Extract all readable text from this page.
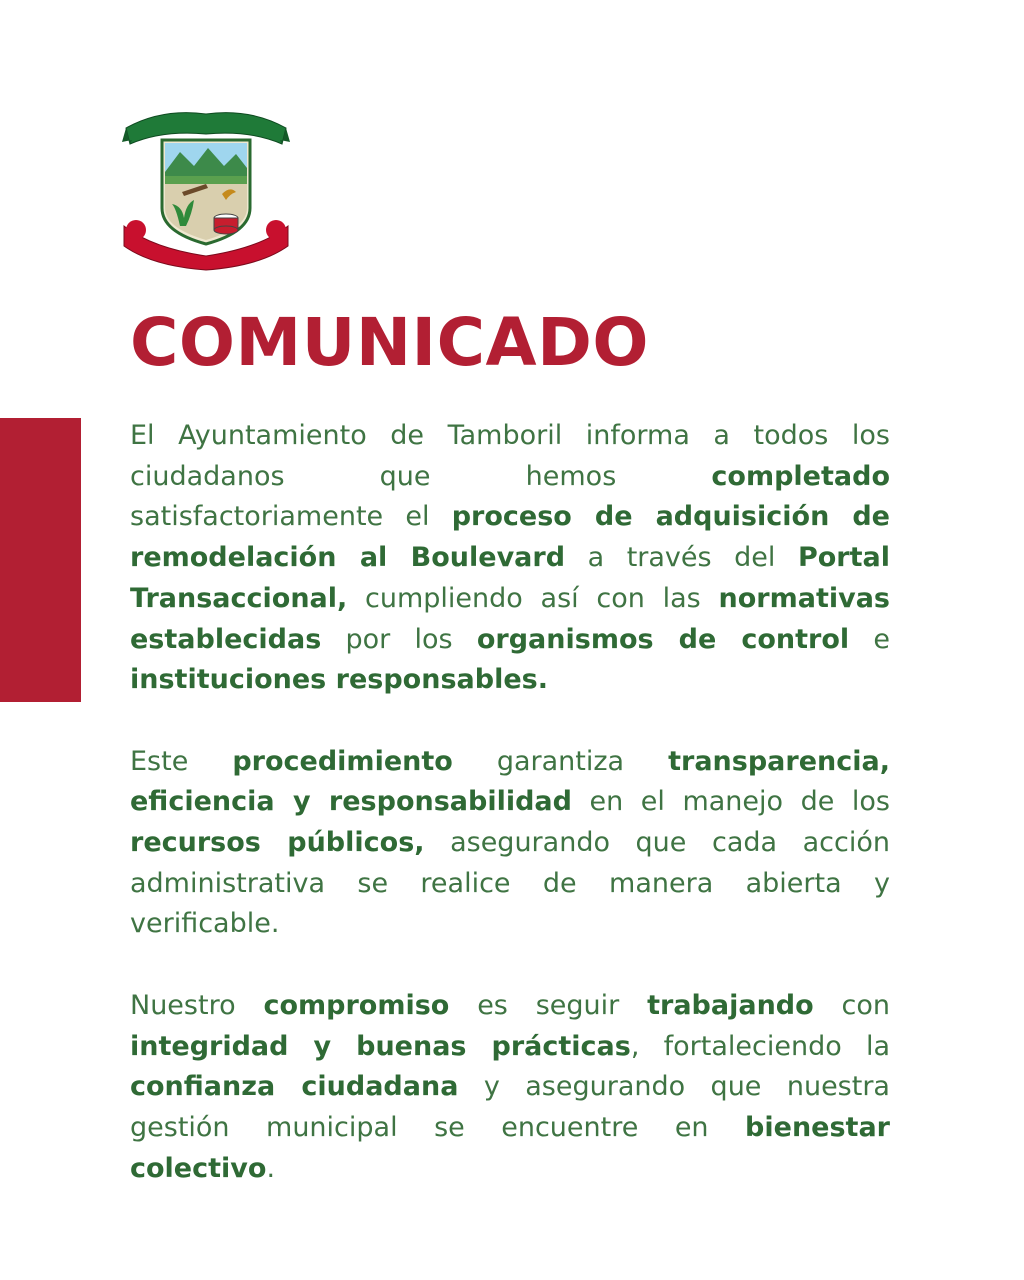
COMUNICADO

El Ayuntamiento de Tamboril informa a todos los ciudadanos que hemos completado satisfactoriamente el proceso de adquisición de remodelación al Boulevard a través del Portal Transaccional, cumpliendo así con las normativas establecidas por los organismos de control e instituciones responsables.

Este procedimiento garantiza transparencia, eficiencia y responsabilidad en el manejo de los recursos públicos, asegurando que cada acción administrativa se realice de manera abierta y verificable.

Nuestro compromiso es seguir trabajando con integridad y buenas prácticas, fortaleciendo la confianza ciudadana y asegurando que nuestra gestión municipal se encuentre en bienestar colectivo.
